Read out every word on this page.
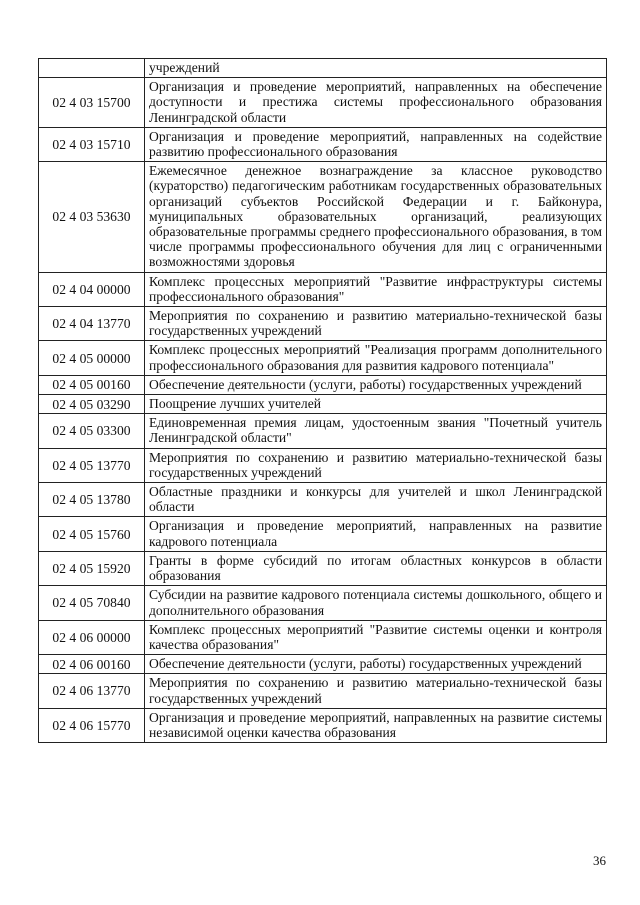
	учреждений
02 4 03 15700	Организация и проведение мероприятий, направленных на обеспечение доступности и престижа системы профессионального образования Ленинградской области
02 4 03 15710	Организация и проведение мероприятий, направленных на содействие развитию профессионального образования
02 4 03 53630	Ежемесячное денежное вознаграждение за классное руководство (кураторство) педагогическим работникам государственных образовательных организаций субъектов Российской Федерации и г. Байконура, муниципальных образовательных организаций, реализующих образовательные программы среднего профессионального образования, в том числе программы профессионального обучения для лиц с ограниченными возможностями здоровья
02 4 04 00000	Комплекс процессных мероприятий "Развитие инфраструктуры системы профессионального образования"
02 4 04 13770	Мероприятия по сохранению и развитию материально-технической базы государственных учреждений
02 4 05 00000	Комплекс процессных мероприятий "Реализация программ дополнительного профессионального образования для развития кадрового потенциала"
02 4 05 00160	Обеспечение деятельности (услуги, работы) государственных учреждений
02 4 05 03290	Поощрение лучших учителей
02 4 05 03300	Единовременная премия лицам, удостоенным звания "Почетный учитель Ленинградской области"
02 4 05 13770	Мероприятия по сохранению и развитию материально-технической базы государственных учреждений
02 4 05 13780	Областные праздники и конкурсы для учителей и школ Ленинградской области
02 4 05 15760	Организация и проведение мероприятий, направленных на развитие кадрового потенциала
02 4 05 15920	Гранты в форме субсидий по итогам областных конкурсов в области образования
02 4 05 70840	Субсидии на развитие кадрового потенциала системы дошкольного, общего и дополнительного образования
02 4 06 00000	Комплекс процессных мероприятий "Развитие системы оценки и контроля качества образования"
02 4 06 00160	Обеспечение деятельности (услуги, работы) государственных учреждений
02 4 06 13770	Мероприятия по сохранению и развитию материально-технической базы государственных учреждений
02 4 06 15770	Организация и проведение мероприятий, направленных на развитие системы независимой оценки качества образования
36
